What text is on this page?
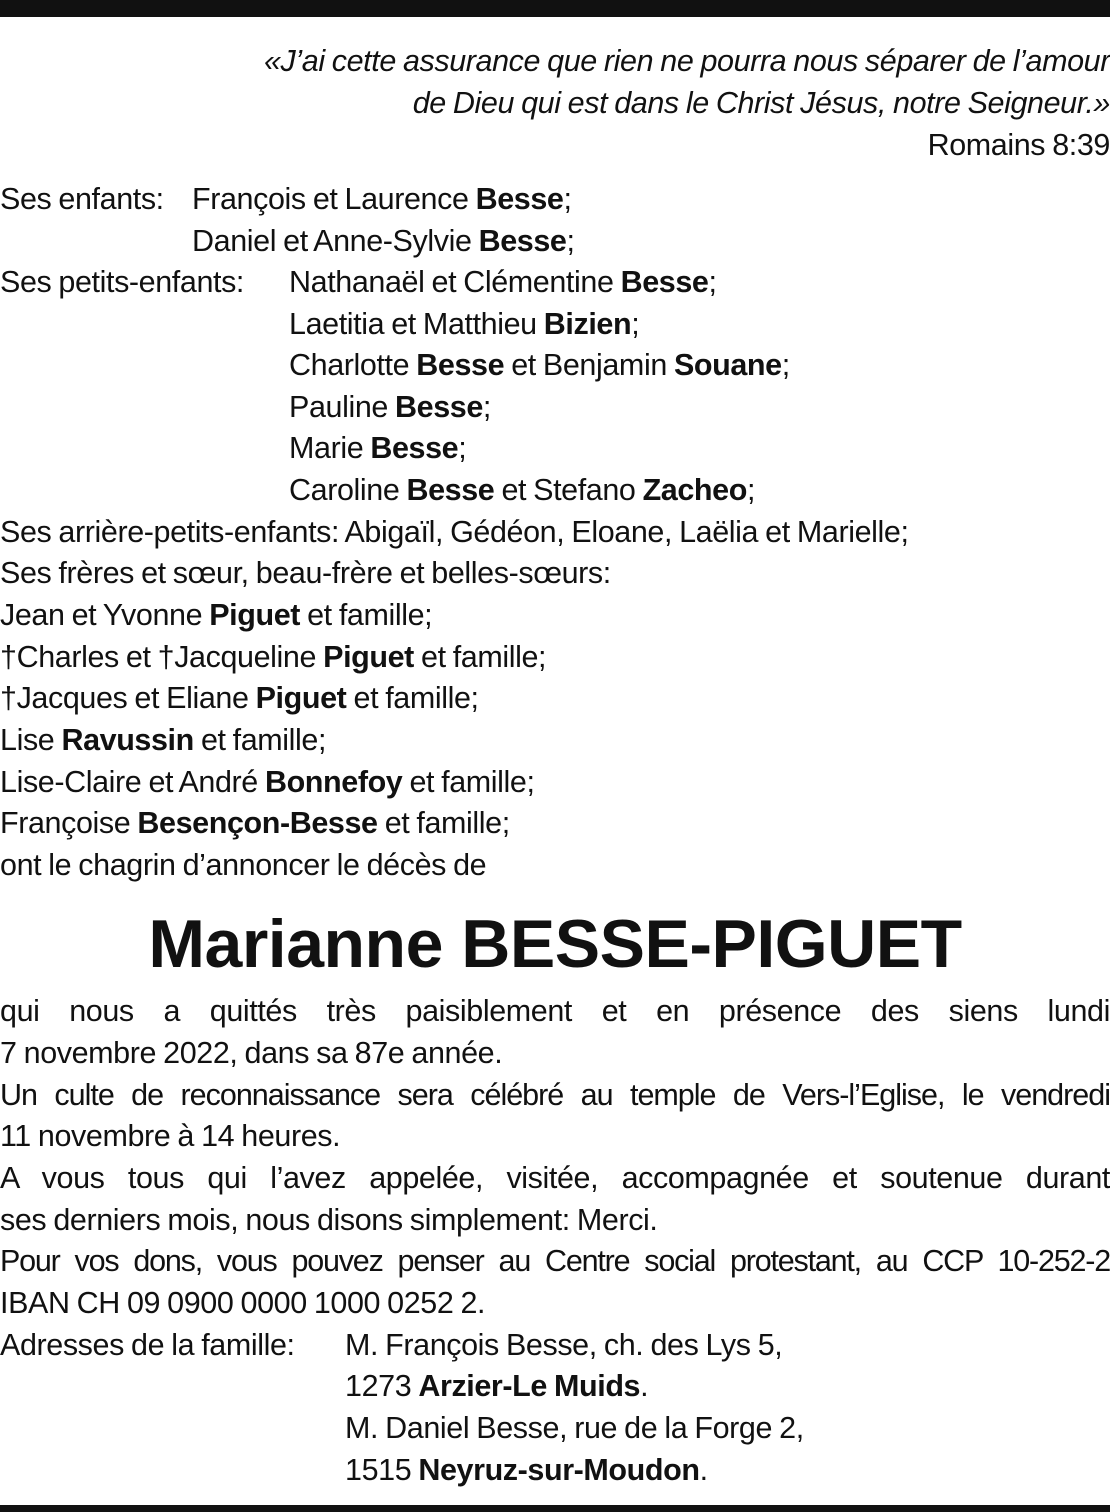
«J’ai cette assurance que rien ne pourra nous séparer de l’amour
de Dieu qui est dans le Christ Jésus, notre Seigneur.»
Romains 8:39
Ses enfants: François et Laurence Besse;
Daniel et Anne-Sylvie Besse;
Ses petits-enfants: Nathanaël et Clémentine Besse;
Laetitia et Matthieu Bizien;
Charlotte Besse et Benjamin Souane;
Pauline Besse;
Marie Besse;
Caroline Besse et Stefano Zacheo;
Ses arrière-petits-enfants: Abigaïl, Gédéon, Eloane, Laëlia et Marielle;
Ses frères et sœur, beau-frère et belles-sœurs:
Jean et Yvonne Piguet et famille;
†Charles et †Jacqueline Piguet et famille;
†Jacques et Eliane Piguet et famille;
Lise Ravussin et famille;
Lise-Claire et André Bonnefoy et famille;
Françoise Besençon-Besse et famille;
ont le chagrin d’annoncer le décès de
Marianne BESSE-PIGUET
qui nous a quittés très paisiblement et en présence des siens lundi
7 novembre 2022, dans sa 87e année.
Un culte de reconnaissance sera célébré au temple de Vers-l’Eglise, le vendredi
11 novembre à 14 heures.
A vous tous qui l’avez appelée, visitée, accompagnée et soutenue durant
ses derniers mois, nous disons simplement: Merci.
Pour vos dons, vous pouvez penser au Centre social protestant, au CCP 10-252-2
IBAN CH 09 0900 0000 1000 0252 2.
Adresses de la famille: M. François Besse, ch. des Lys 5,
1273 Arzier-Le Muids.
M. Daniel Besse, rue de la Forge 2,
1515 Neyruz-sur-Moudon.
